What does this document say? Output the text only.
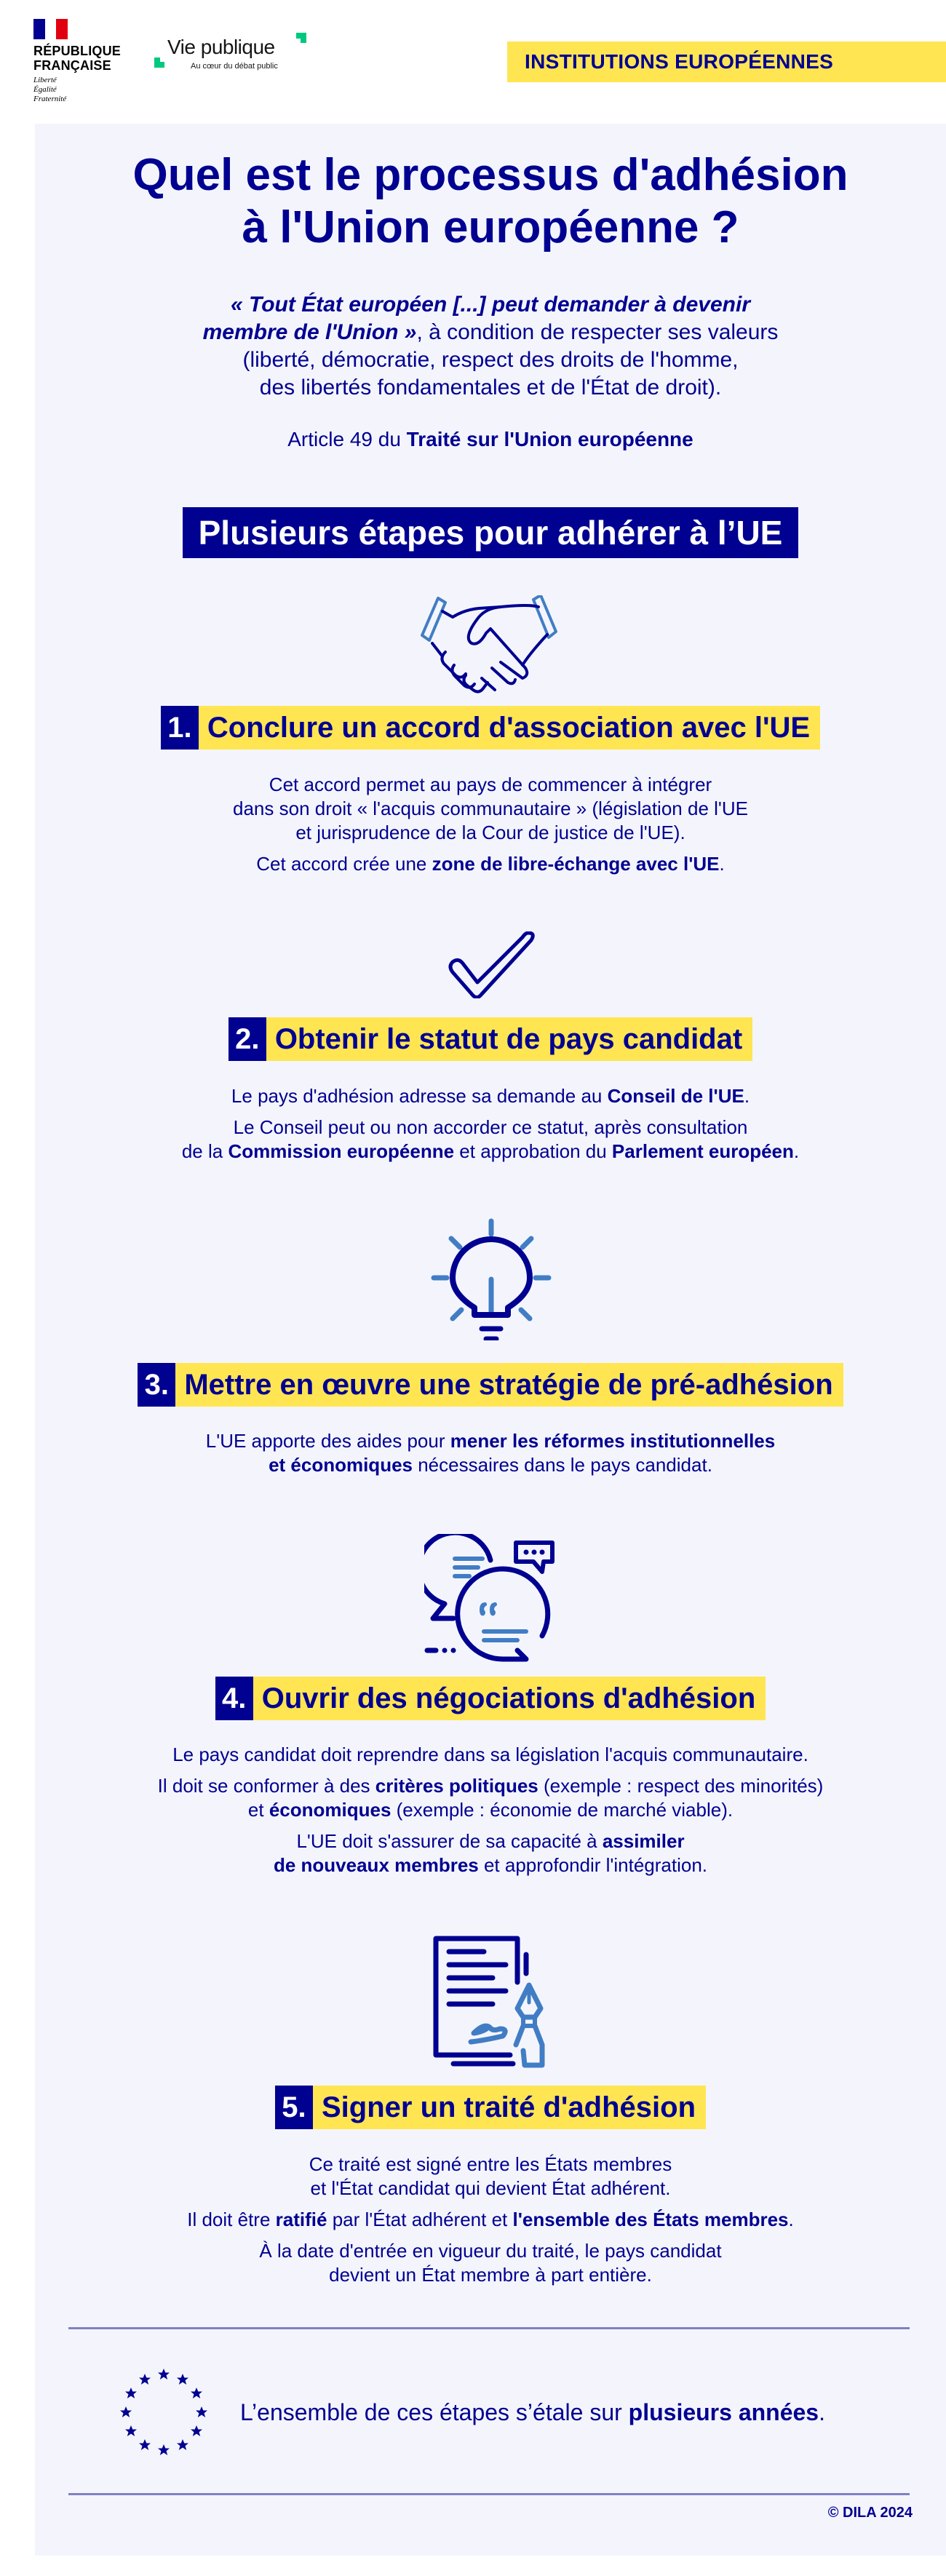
RÉPUBLIQUE
FRANÇAISE
Liberté
Égalité
Fraternité
Vie publique
Au cœur du débat public	INSTITUTIONS EUROPÉENNES
Quel est le processus d'adhésion
à l'Union européenne ?
« Tout État européen [...] peut demander à devenir
membre de l'Union », à condition de respecter ses valeurs
(liberté, démocratie, respect des droits de l'homme,
des libertés fondamentales et de l'État de droit).
Article 49 du Traité sur l'Union européenne
Plusieurs étapes pour adhérer à l’UE
1. Conclure un accord d'association avec l'UE

Cet accord permet au pays de commencer à intégrer
dans son droit « l'acquis communautaire » (législation de l'UE
et jurisprudence de la Cour de justice de l'UE).

Cet accord crée une zone de libre-échange avec l'UE.

2. Obtenir le statut de pays candidat

Le pays d'adhésion adresse sa demande au Conseil de l'UE.

Le Conseil peut ou non accorder ce statut, après consultation
de la Commission européenne et approbation du Parlement européen.

3. Mettre en œuvre une stratégie de pré-adhésion

L'UE apporte des aides pour mener les réformes institutionnelles
et économiques nécessaires dans le pays candidat.

4. Ouvrir des négociations d'adhésion

Le pays candidat doit reprendre dans sa législation l'acquis communautaire.

Il doit se conformer à des critères politiques (exemple : respect des minorités)
et économiques (exemple : économie de marché viable).

L'UE doit s'assurer de sa capacité à assimiler
de nouveaux membres et approfondir l'intégration.

5. Signer un traité d'adhésion

Ce traité est signé entre les États membres
et l'État candidat qui devient État adhérent.

Il doit être ratifié par l'État adhérent et l'ensemble des États membres.

À la date d'entrée en vigueur du traité, le pays candidat
devient un État membre à part entière.

L’ensemble de ces étapes s’étale sur plusieurs années.
© DILA 2024
